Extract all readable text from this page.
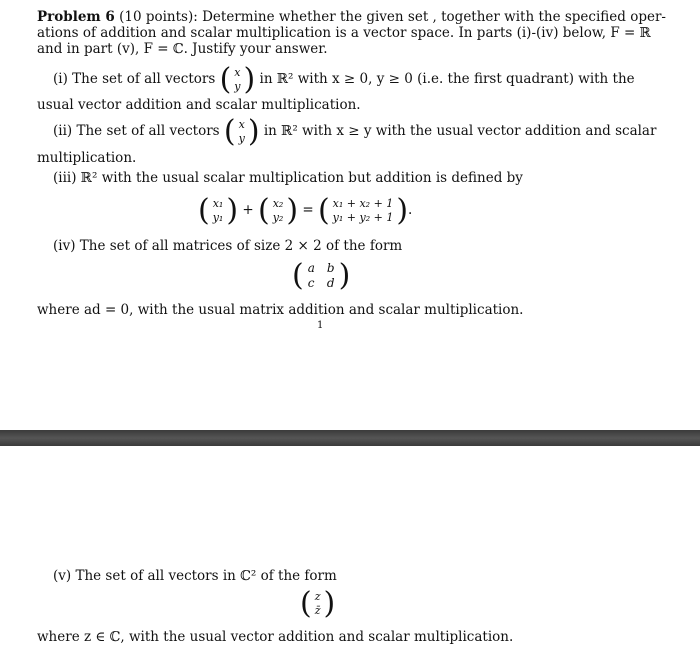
Problem 6 (10 points): Determine whether the given set , together with the specified oper-
ations of addition and scalar multiplication is a vector space. In parts (i)-(iv) below, F = ℝ
and in part (v), F = ℂ. Justify your answer.
(i) The set of all vectors ( x
y ) in ℝ² with x ≥ 0, y ≥ 0 (i.e. the first quadrant) with the
usual vector addition and scalar multiplication.
(ii) The set of all vectors ( x
y ) in ℝ² with x ≥ y with the usual vector addition and scalar
multiplication.
(iii) ℝ² with the usual scalar multiplication but addition is defined by
( x₁
y₁ ) + ( x₂
y₂ ) = ( x₁ + x₂ + 1
y₁ + y₂ + 1 ) .
(iv) The set of all matrices of size 2 × 2 of the form
( a b
c d )
where ad = 0, with the usual matrix addition and scalar multiplication.
1
(v) The set of all vectors in ℂ² of the form
( z
z̄ )
where z ∈ ℂ, with the usual vector addition and scalar multiplication.
